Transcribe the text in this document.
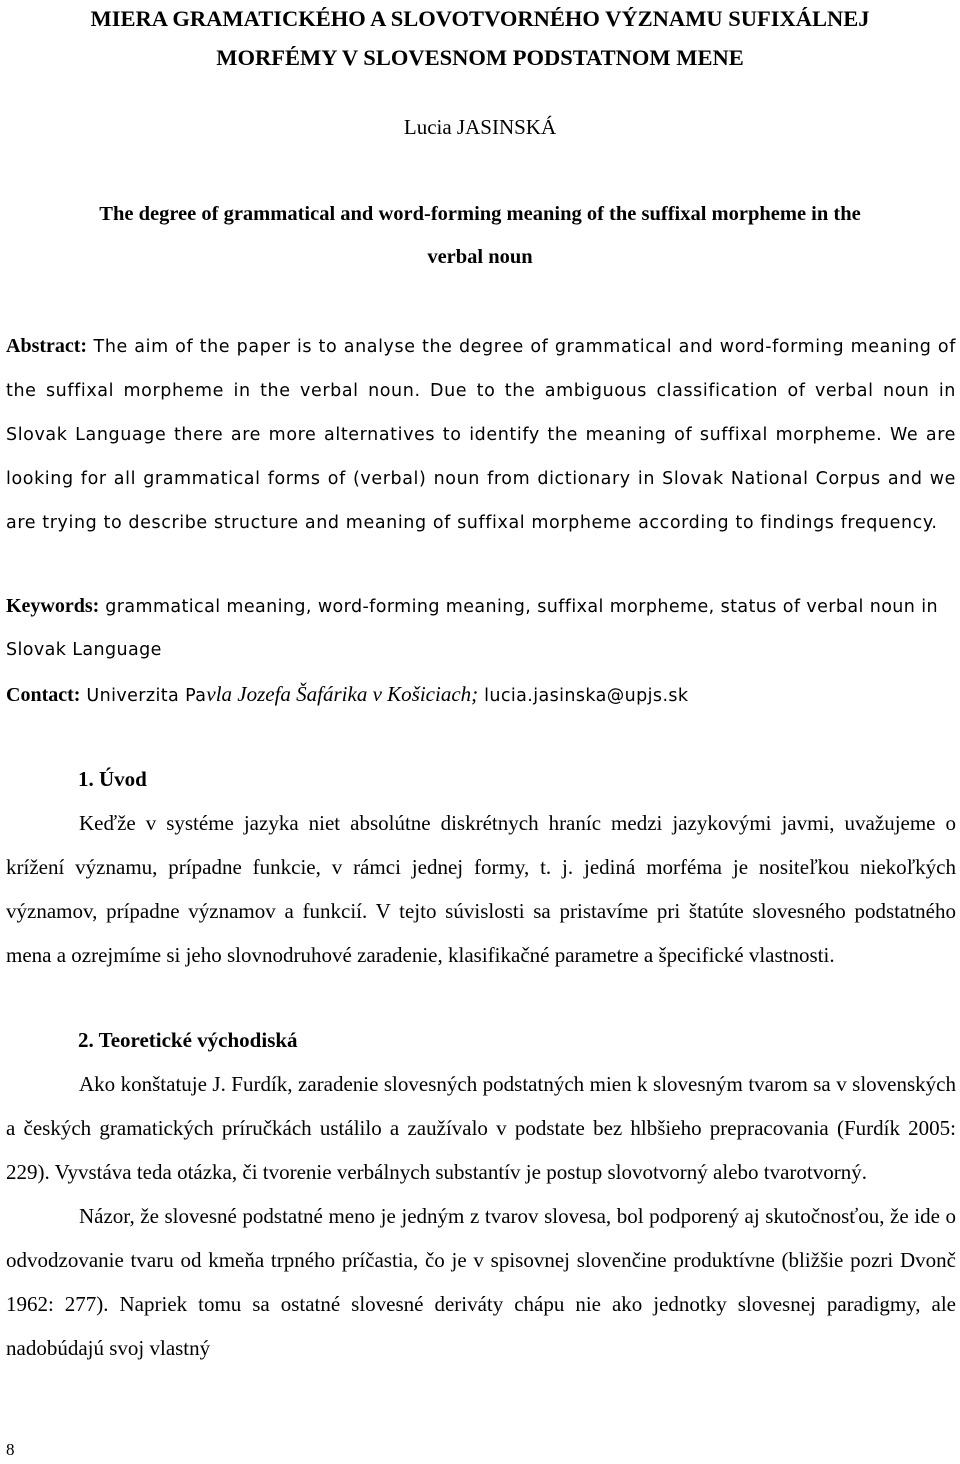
MIERA GRAMATICKÉHO A SLOVOTVORNÉHO VÝZNAMU SUFIXÁLNEJ
MORFÉMY V SLOVESNOM PODSTATNOM MENE
Lucia JASINSKÁ
The degree of grammatical and word-forming meaning of the suffixal morpheme in the
verbal noun
Abstract: The aim of the paper is to analyse the degree of grammatical and word-forming meaning of the suffixal morpheme in the verbal noun. Due to the ambiguous classification of verbal noun in Slovak Language there are more alternatives to identify the meaning of suffixal morpheme. We are looking for all grammatical forms of (verbal) noun from dictionary in Slovak National Corpus and we are trying to describe structure and meaning of suffixal morpheme according to findings frequency.
Keywords: grammatical meaning, word-forming meaning, suffixal morpheme, status of verbal noun in Slovak Language
Contact: Univerzita Pavla Jozefa Šafárika v Košiciach; lucia.jasinska@upjs.sk
1. Úvod

Keďže v systéme jazyka niet absolútne diskrétnych hraníc medzi jazykovými javmi, uvažujeme o krížení významu, prípadne funkcie, v rámci jednej formy, t. j. jediná morféma je nositeľkou niekoľkých významov, prípadne významov a funkcií. V tejto súvislosti sa pristavíme pri štatúte slovesného podstatného mena a ozrejmíme si jeho slovnodruhové zaradenie, klasifikačné parametre a špecifické vlastnosti.

2. Teoretické východiská

Ako konštatuje J. Furdík, zaradenie slovesných podstatných mien k slovesným tvarom sa v slovenských a českých gramatických príručkách ustálilo a zaužívalo v podstate bez hlbšieho prepracovania (Furdík 2005: 229). Vyvstáva teda otázka, či tvorenie verbálnych substantív je postup slovotvorný alebo tvarotvorný.

Názor, že slovesné podstatné meno je jedným z tvarov slovesa, bol podporený aj skutočnosťou, že ide o odvodzovanie tvaru od kmeňa trpného príčastia, čo je v spisovnej slovenčine produktívne (bližšie pozri Dvonč 1962: 277). Napriek tomu sa ostatné slovesné deriváty chápu nie ako jednotky slovesnej paradigmy, ale nadobúdajú svoj vlastný

8
